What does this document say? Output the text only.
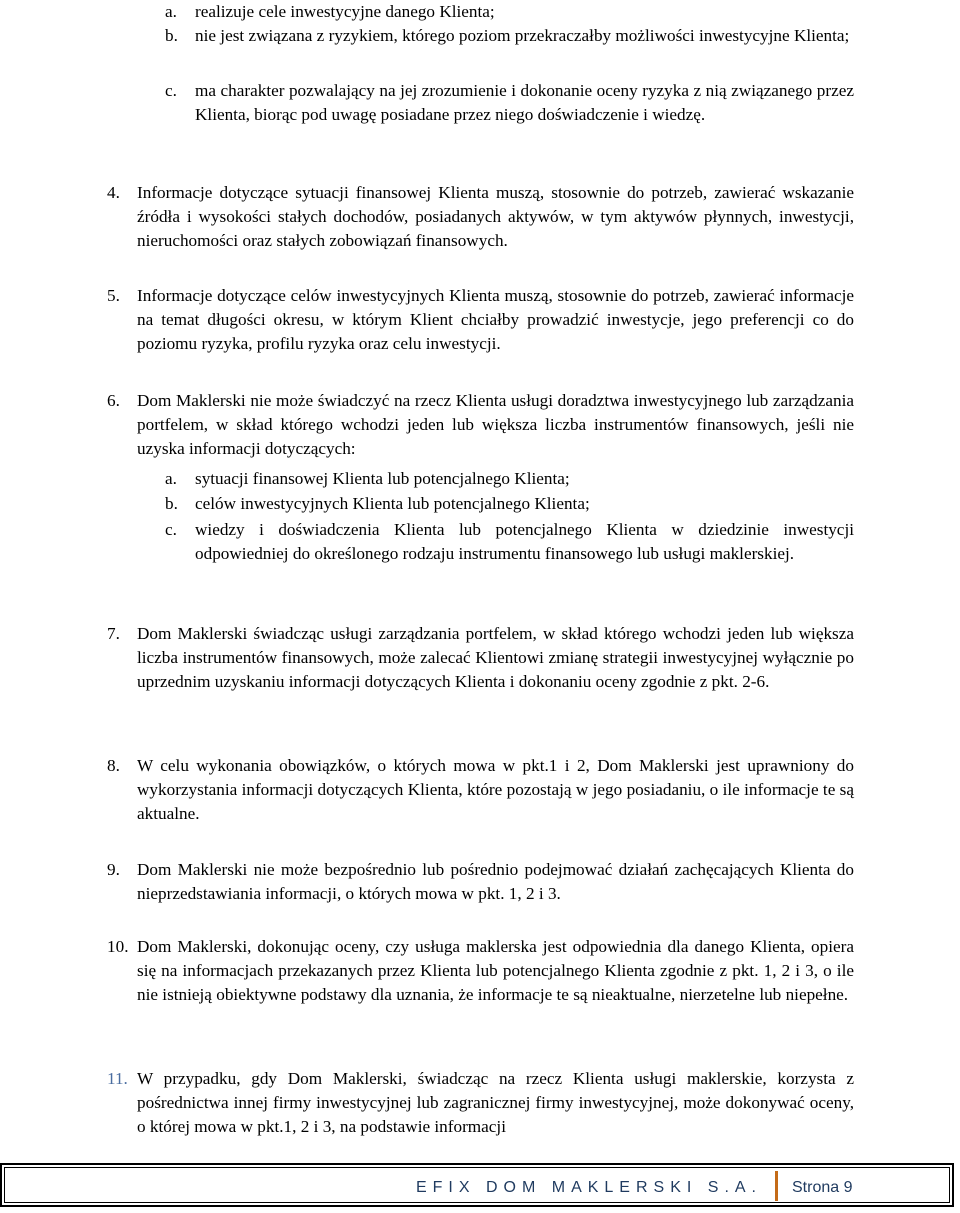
a.	realizuje cele inwestycyjne danego Klienta;
b. nie jest związana z ryzykiem, którego poziom przekraczałby możliwości inwestycyjne Klienta;
c.	ma charakter pozwalający na jej zrozumienie i dokonanie oceny ryzyka z nią związanego przez Klienta, biorąc pod uwagę posiadane przez niego doświadczenie i wiedzę.
4. Informacje dotyczące sytuacji finansowej Klienta muszą, stosownie do potrzeb, zawierać wskazanie źródła i wysokości stałych dochodów, posiadanych aktywów, w tym aktywów płynnych, inwestycji, nieruchomości oraz stałych zobowiązań finansowych.
5. Informacje dotyczące celów inwestycyjnych Klienta muszą, stosownie do potrzeb, zawierać informacje na temat długości okresu, w którym Klient chciałby prowadzić inwestycje, jego preferencji co do poziomu ryzyka, profilu ryzyka oraz celu inwestycji.
6. Dom Maklerski nie może świadczyć na rzecz Klienta usługi doradztwa inwestycyjnego lub zarządzania portfelem, w skład którego wchodzi jeden lub większa liczba instrumentów finansowych, jeśli nie uzyska informacji dotyczących:
a.	sytuacji finansowej Klienta lub potencjalnego Klienta;
b. celów inwestycyjnych Klienta lub potencjalnego Klienta;
c.	wiedzy i doświadczenia Klienta lub potencjalnego Klienta w dziedzinie inwestycji odpowiedniej do określonego rodzaju instrumentu finansowego lub usługi maklerskiej.
7. Dom Maklerski świadcząc usługi zarządzania portfelem, w skład którego wchodzi jeden lub większa liczba instrumentów finansowych, może zalecać Klientowi zmianę strategii inwestycyjnej wyłącznie po uprzednim uzyskaniu informacji dotyczących Klienta i dokonaniu oceny zgodnie z pkt. 2-6.
8. W celu wykonania obowiązków, o których mowa w pkt.1 i 2, Dom Maklerski jest uprawniony do wykorzystania informacji dotyczących Klienta, które pozostają w jego posiadaniu, o ile informacje te są aktualne.
9. Dom Maklerski nie może bezpośrednio lub pośrednio podejmować działań zachęcających Klienta do nieprzedstawiania informacji, o których mowa w pkt. 1, 2 i 3.
10. Dom Maklerski, dokonując oceny, czy usługa maklerska jest odpowiednia dla danego Klienta, opiera się na informacjach przekazanych przez Klienta lub potencjalnego Klienta zgodnie z pkt. 1, 2 i 3, o ile nie istnieją obiektywne podstawy dla uznania, że informacje te są nieaktualne, nierzetelne lub niepełne.
11. W przypadku, gdy Dom Maklerski, świadcząc na rzecz Klienta usługi maklerskie, korzysta z pośrednictwa innej firmy inwestycyjnej lub zagranicznej firmy inwestycyjnej, może dokonywać oceny, o której mowa w pkt.1, 2 i 3, na podstawie informacji
EFIX DOM MAKLERSKI S.A. Strona 9
